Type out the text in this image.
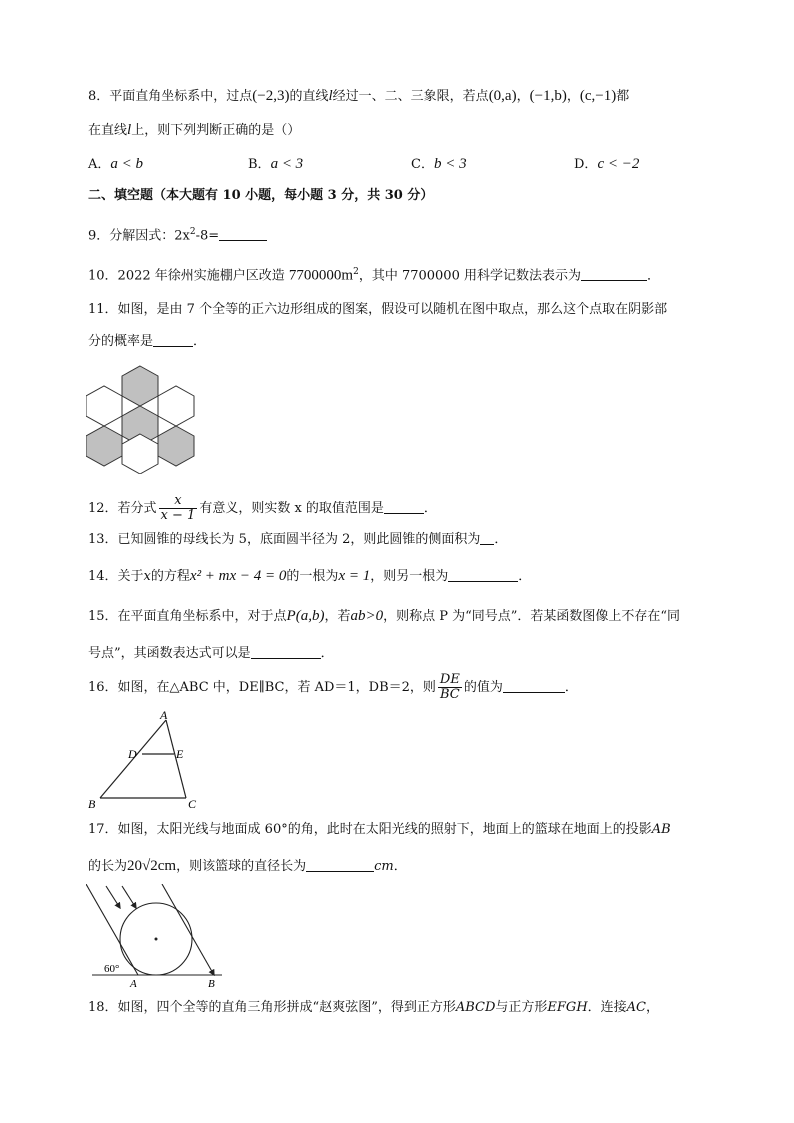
8．平面直角坐标系中，过点(−2,3)的直线l经过一、二、三象限，若点(0,a)，(−1,b)，(c,−1)都
在直线l上，则下列判断正确的是（）
A．a < b	B．a < 3	C．b < 3	D．c < −2
二、填空题（本大题有 10 小题，每小题 3 分，共 30 分）
9．分解因式：$2x^2-8=$
10．2022 年徐州实施棚户区改造 $7700000m^2$，其中 7700000 用科学记数法表示为	．
11．如图，是由 7 个全等的正六边形组成的图案，假设可以随机在图中取点，那么这个点取在阴影部
分的概率是	．
12．若分式 $\frac{x}{x - 1}$ 有意义，则实数 x 的取值范围是	．
13．已知圆锥的母线长为 5，底面圆半径为 2，则此圆锥的侧面积为 ．
14．关于x的方程x² + mx − 4 = 0的一根为x = 1，则另一根为	．
15．在平面直角坐标系中，对于点P(a,b)，若ab>0，则称点 P 为“同号点”．若某函数图像上不存在“同
号点”，其函数表达式可以是	．
16．如图，在△ABC 中，DE∥BC，若 AD＝1，DB＝2，则 $\frac{DE}{BC}$ 的值为	．
A
D	E
B	C
17．如图，太阳光线与地面成 60°的角，此时在太阳光线的照射下，地面上的篮球在地面上的投影AB
的长为20√2cm，则该篮球的直径长为	cm．
60°
A	B
18．如图，四个全等的直角三角形拼成“赵爽弦图”，得到正方形ABCD与正方形EFGH．连接AC，
